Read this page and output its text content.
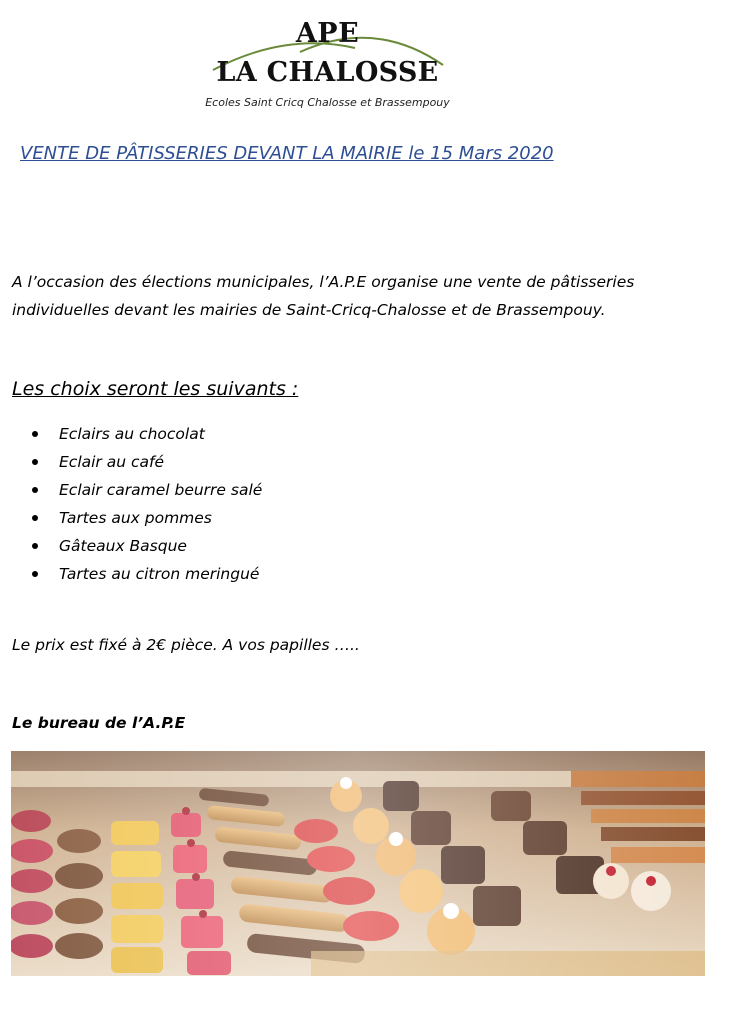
APE
LA CHALOSSE
Ecoles Saint Cricq Chalosse et Brassempouy
VENTE DE PÂTISSERIES DEVANT LA MAIRIE le 15 Mars 2020
A l’occasion des élections municipales, l’A.P.E organise une vente de pâtisseries
individuelles devant les mairies de Saint-Cricq-Chalosse et de Brassempouy.
Les choix seront les suivants :
Eclairs au chocolat
Eclair au café
Eclair caramel beurre salé
Tartes aux pommes
Gâteaux Basque
Tartes au citron meringué
Le prix est fixé à 2€ pièce. A vos papilles …..
Le bureau de l’A.P.E
